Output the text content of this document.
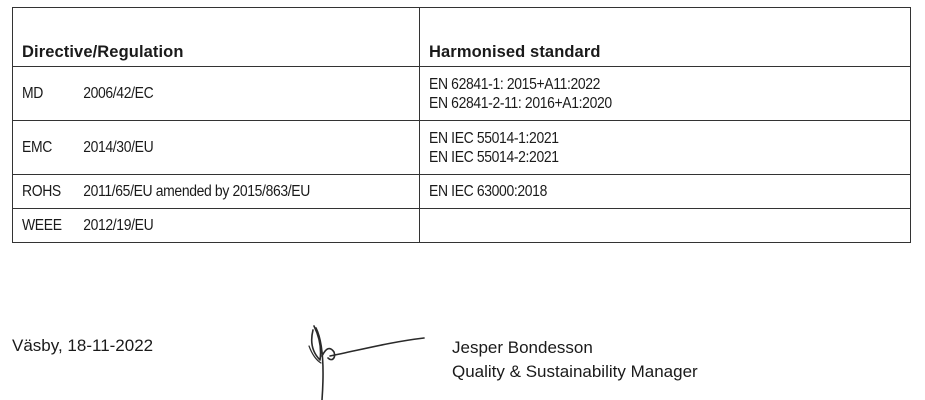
Directive/Regulation	Harmonised standard
MD 2006/42/EC	EN 62841-1: 2015+A11:2022
EN 62841-2-11: 2016+A1:2020

EMC 2014/30/EU	EN IEC 55014-1:2021
EN IEC 55014-2:2021

ROHS 2011/65/EU amended by 2015/863/EU	EN IEC 63000:2018

WEEE 2012/19/EU	
Väsby, 18-11-2022	Jesper Bondesson
Quality & Sustainability Manager
